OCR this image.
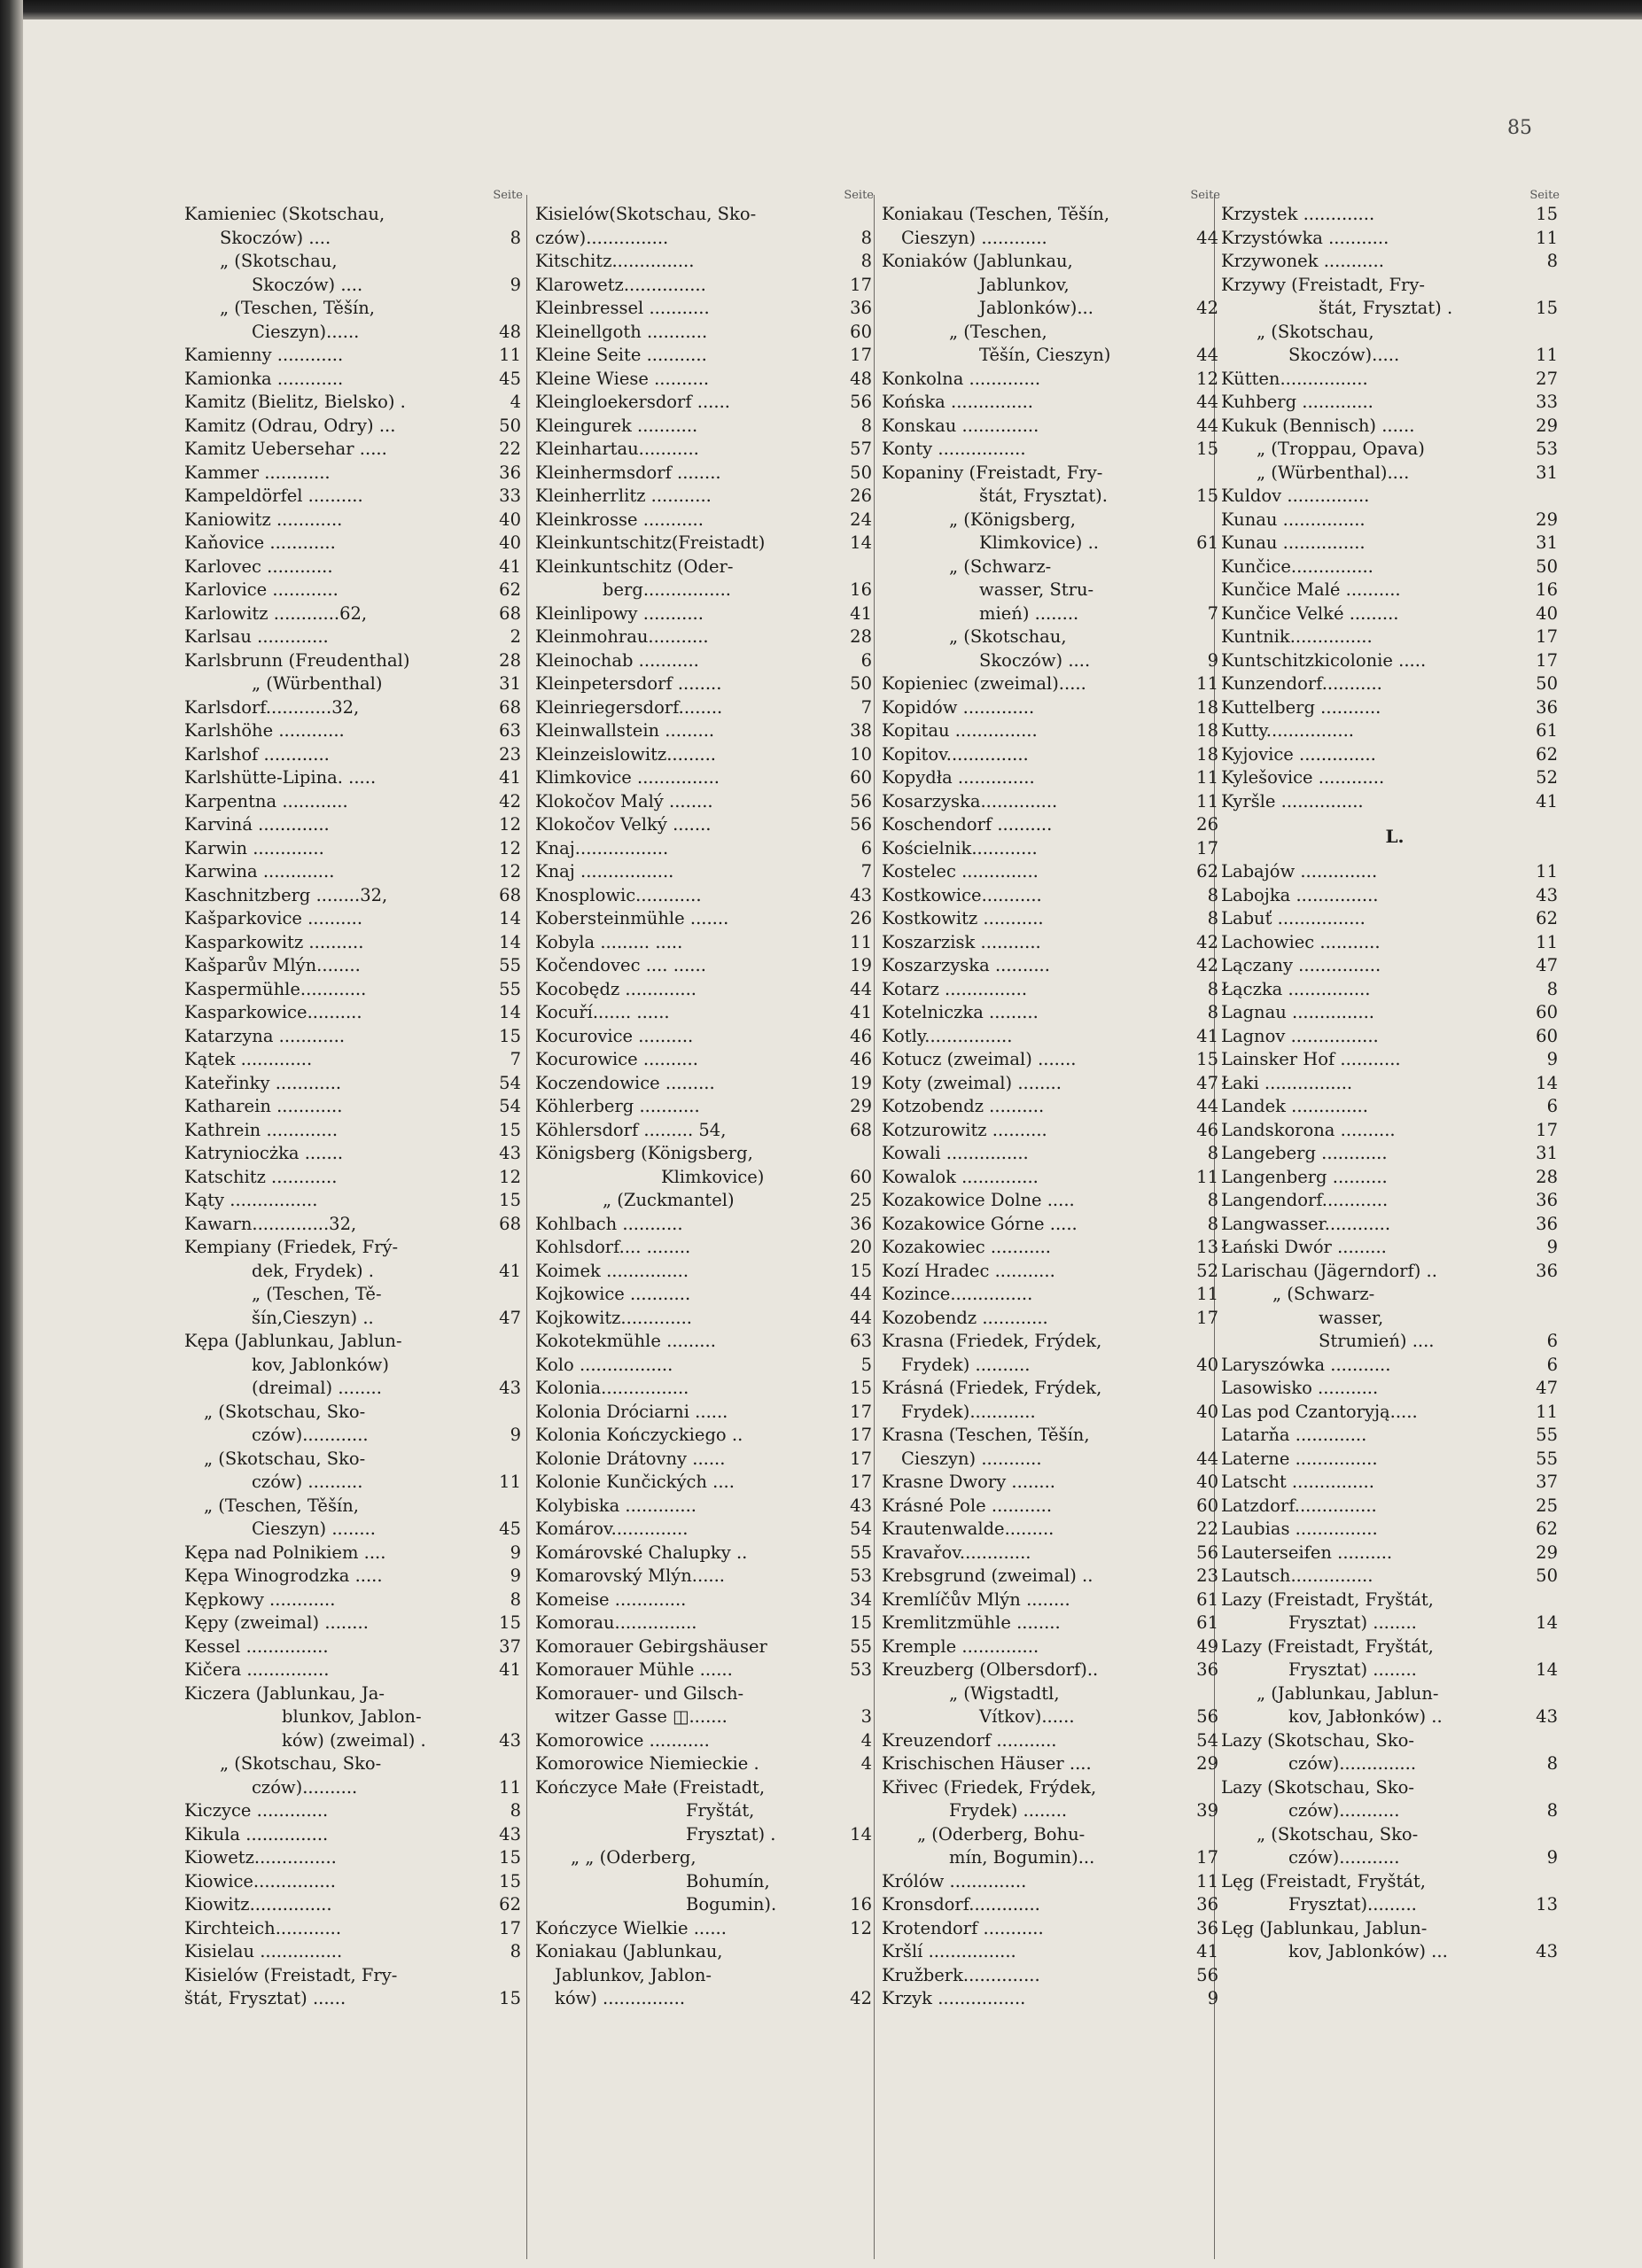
85
Seite
Kamieniec (Skotschau,
Skoczów) ....	8
„ (Skotschau,
Skoczów) ....	9
„ (Teschen, Těšín,
Cieszyn)......	48
Kamienny ............	11
Kamionka ............	45
Kamitz (Bielitz, Bielsko) .	4
Kamitz (Odrau, Odry) ...	50
Kamitz Uebersehar .....	22
Kammer ............	36
Kampeldörfel ..........	33
Kaniowitz ............	40
Kaňovice ............	40
Karlovec ............	41
Karlovice ............	62
Karlowitz ............62,	68
Karlsau .............	2
Karlsbrunn (Freudenthal)	28
„ (Würbenthal)	31
Karlsdorf............32,	68
Karlshöhe ............	63
Karlshof ............	23
Karlshütte-Lipina. .....	41
Karpentna ............	42
Karviná .............	12
Karwin .............	12
Karwina .............	12
Kaschnitzberg ........32,	68
Kašparkovice ..........	14
Kasparkowitz ..........	14
Kašparův Mlýn........	55
Kaspermühle............	55
Kasparkowice..........	14
Katarzyna ............	15
Kątek .............	7
Kateřinky ............	54
Katharein ............	54
Kathrein .............	15
Katryniocżka .......	43
Katschitz ............	12
Kąty ................	15
Kawarn..............32,	68
Kempiany (Friedek, Frý-
dek, Frydek) .	41
„ (Teschen, Tě-
šín,Cieszyn) ..	47
Kępa (Jablunkau, Jablun-
kov, Jablonków)
(dreimal) ........	43
„ (Skotschau, Sko-
czów)............	9
„ (Skotschau, Sko-
czów) ..........	11
„ (Teschen, Těšín,
Cieszyn) ........	45
Kępa nad Polnikiem ....	9
Kępa Winogrodzka .....	9
Kępkowy ............	8
Kępy (zweimal) ........	15
Kessel ...............	37
Kičera ...............	41
Kiczera (Jablunkau, Ja-
blunkov, Jablon-
ków) (zweimal) .	43
„ (Skotschau, Sko-
czów)..........	11
Kiczyce .............	8
Kikula ...............	43
Kiowetz...............	15
Kiowice...............	15
Kiowitz...............	62
Kirchteich............	17
Kisielau ...............	8
Kisielów (Freistadt, Fry-
štát, Frysztat) ......	15
Seite
Kisielów(Skotschau, Sko-
czów)...............	8
Kitschitz...............	8
Klarowetz...............	17
Kleinbressel ...........	36
Kleinellgoth ...........	60
Kleine Seite ...........	17
Kleine Wiese ..........	48
Kleingloekersdorf ......	56
Kleingurek ...........	8
Kleinhartau...........	57
Kleinhermsdorf ........	50
Kleinherrlitz ...........	26
Kleinkrosse ...........	24
Kleinkuntschitz(Freistadt)	14
Kleinkuntschitz (Oder-
berg................	16
Kleinlipowy ...........	41
Kleinmohrau...........	28
Kleinochab ...........	6
Kleinpetersdorf ........	50
Kleinriegersdorf........	7
Kleinwallstein .........	38
Kleinzeislowitz.........	10
Klimkovice ...............	60
Klokočov Malý ........	56
Klokočov Velký .......	56
Knaj.................	6
Knaj .................	7
Knosplowic............	43
Kobersteinmühle .......	26
Kobyla ......... .....	11
Kočendovec .... ......	19
Kocobędz .............	44
Kocuří....... ......	41
Kocurovice ..........	46
Kocurowice ..........	46
Koczendowice .........	19
Köhlerberg ...........	29
Köhlersdorf ......... 54,	68
Königsberg (Königsberg,
Klimkovice)	60
„ (Zuckmantel)	25
Kohlbach ...........	36
Kohlsdorf.... ........	20
Koimek ...............	15
Kojkowice ...........	44
Kojkowitz.............	44
Kokotekmühle .........	63
Kolo .................	5
Kolonia................	15
Kolonia Dróciarni ......	17
Kolonia Kończyckiego ..	17
Kolonie Drátovny ......	17
Kolonie Kunčických ....	17
Kolybiska .............	43
Komárov..............	54
Komárovské Chalupky ..	55
Komarovský Mlýn......	53
Komeise .............	34
Komorau...............	15
Komorauer Gebirgshäuser	55
Komorauer Mühle ......	53
Komorauer- und Gilsch-
witzer Gasse ◫.......	3
Komorowice ...........	4
Komorowice Niemieckie .	4
Kończyce Małe (Freistadt,
Fryštát,
Frysztat) .	14
„ „ (Oderberg,
Bohumín,
Bogumin).	16
Kończyce Wielkie ......	12
Koniakau (Jablunkau,
Jablunkov, Jablon-
ków) ...............	42
Seite
Koniakau (Teschen, Těšín,
Cieszyn) ............	44
Koniaków (Jablunkau,
Jablunkov,
Jablonków)...	42
„ (Teschen,
Těšín, Cieszyn)	44
Konkolna .............	12
Końska ...............	44
Konskau ..............	44
Konty ................	15
Kopaniny (Freistadt, Fry-
štát, Frysztat).	15
„ (Königsberg,
Klimkovice) ..	61
„ (Schwarz-
wasser, Stru-
mień) ........	7
„ (Skotschau,
Skoczów) ....	9
Kopieniec (zweimal).....	11
Kopidów .............	18
Kopitau ...............	18
Kopitov...............	18
Kopydła ..............	11
Kosarzyska..............	11
Koschendorf ..........	26
Kościelnik............	17
Kostelec ..............	62
Kostkowice...........	8
Kostkowitz ...........	8
Koszarzisk ...........	42
Koszarzyska ..........	42
Kotarz ...............	8
Kotelniczka .........	8
Kotly................	41
Kotucz (zweimal) .......	15
Koty (zweimal) ........	47
Kotzobendz ..........	44
Kotzurowitz ..........	46
Kowali ...............	8
Kowalok ..............	11
Kozakowice Dolne .....	8
Kozakowice Górne .....	8
Kozakowiec ...........	13
Kozí Hradec ...........	52
Kozince...............	11
Kozobendz ............	17
Krasna (Friedek, Frýdek,
Frydek) ..........	40
Krásná (Friedek, Frýdek,
Frydek)............	40
Krasna (Teschen, Těšín,
Cieszyn) ...........	44
Krasne Dwory ........	40
Krásné Pole ...........	60
Krautenwalde.........	22
Kravařov.............	56
Krebsgrund (zweimal) ..	23
Kremlíčův Mlýn ........	61
Kremlitzmühle ........	61
Kremple ..............	49
Kreuzberg (Olbersdorf)..	36
„ (Wigstadtl,
Vítkov)......	56
Kreuzendorf ...........	54
Krischischen Häuser ....	29
Křivec (Friedek, Frýdek,
Frydek) ........	39
„ (Oderberg, Bohu-
mín, Bogumin)...	17
Królów ..............	11
Kronsdorf.............	36
Krotendorf ...........	36
Kršlí ................	41
Kružberk..............	56
Krzyk ................	9
Seite
Krzystek .............	15
Krzystówka ...........	11
Krzywonek ...........	8
Krzywy (Freistadt, Fry-
štát, Frysztat) .	15
„ (Skotschau,
Skoczów).....	11
Kütten................	27
Kuhberg .............	33
Kukuk (Bennisch) ......	29
„ (Troppau, Opava)	53
„ (Würbenthal)....	31
Kuldov ...............
Kunau ...............	29
Kunau ...............	31
Kunčice...............	50
Kunčice Malé ..........	16
Kunčice Velké .........	40
Kuntnik...............	17
Kuntschitzkicolonie .....	17
Kunzendorf...........	50
Kuttelberg ...........	36
Kutty................	61
Kyjovice ..............	62
Kylešovice ............	52
Kyršle ...............	41
L.
Labajów ..............	11
Labojka ...............	43
Labuť ................	62
Lachowiec ...........	11
Lączany ...............	47
Łączka ...............	8
Lagnau ...............	60
Lagnov ................	60
Lainsker Hof ...........	9
Łaki ................	14
Landek ..............	6
Landskorona ..........	17
Langeberg ............	31
Langenberg ..........	28
Langendorf............	36
Langwasser............	36
Łański Dwór .........	9
Larischau (Jägerndorf) ..	36
„ (Schwarz-
wasser,
Strumień) ....	6
Laryszówka ...........	6
Lasowisko ...........	47
Las pod Czantoryją.....	11
Latarňa .............	55
Laterne ...............	55
Latscht ...............	37
Latzdorf...............	25
Laubias ...............	62
Lauterseifen ..........	29
Lautsch...............	50
Lazy (Freistadt, Fryštát,
Frysztat) ........	14
Lazy (Freistadt, Fryštát,
Frysztat) ........	14
„ (Jablunkau, Jablun-
kov, Jabłonków) ..	43
Lazy (Skotschau, Sko-
czów)..............	8
Lazy (Skotschau, Sko-
czów)...........	8
„ (Skotschau, Sko-
czów)...........	9
Lęg (Freistadt, Fryštát,
Frysztat).........	13
Lęg (Jablunkau, Jablun-
kov, Jablonków) ...	43
